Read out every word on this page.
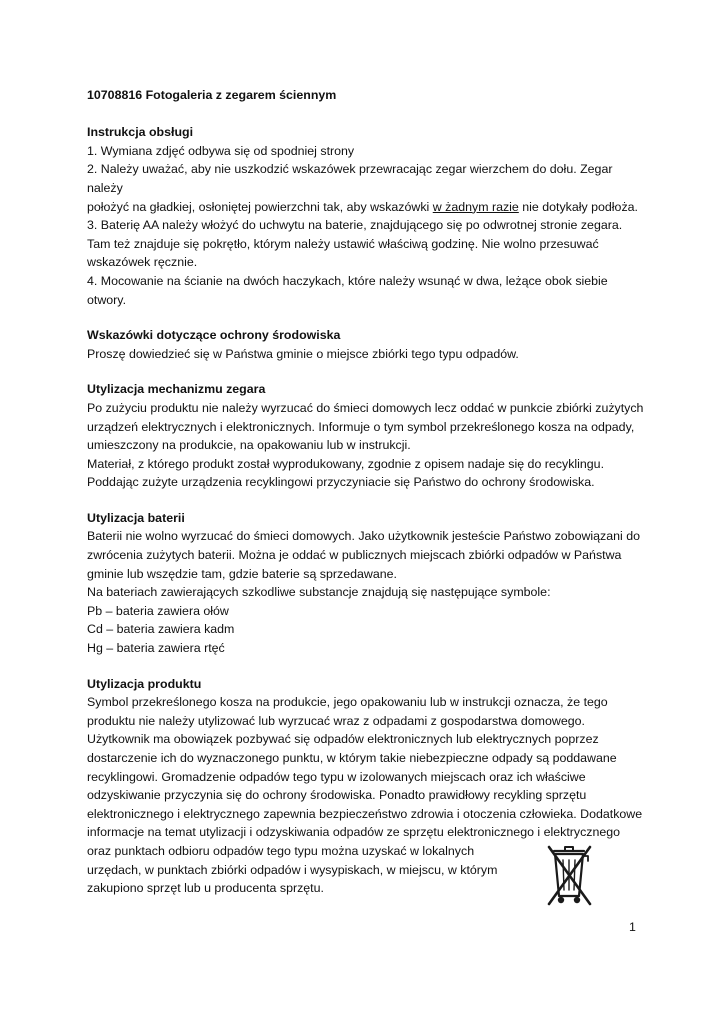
10708816 Fotogaleria z zegarem ściennym

Instrukcja obsługi

1. Wymiana zdjęć odbywa się od spodniej strony

2. Należy uważać, aby nie uszkodzić wskazówek przewracając zegar wierzchem do dołu. Zegar należy

położyć na gładkiej, osłoniętej powierzchni tak, aby wskazówki w żadnym razie nie dotykały podłoża.

3. Baterię AA należy włożyć do uchwytu na baterie, znajdującego się po odwrotnej stronie zegara.

Tam też znajduje się pokrętło, którym należy ustawić właściwą godzinę. Nie wolno przesuwać

wskazówek ręcznie.

4. Mocowanie na ścianie na dwóch haczykach, które należy wsunąć w dwa, leżące obok siebie

otwory.

Wskazówki dotyczące ochrony środowiska

Proszę dowiedzieć się w Państwa gminie o miejsce zbiórki tego typu odpadów.

Utylizacja mechanizmu zegara

Po zużyciu produktu nie należy wyrzucać do śmieci domowych lecz oddać w punkcie zbiórki zużytych

urządzeń elektrycznych i elektronicznych. Informuje o tym symbol przekreślonego kosza na odpady,

umieszczony na produkcie, na opakowaniu lub w instrukcji.

Materiał, z którego produkt został wyprodukowany, zgodnie z opisem nadaje się do recyklingu.

Poddając zużyte urządzenia recyklingowi przyczyniacie się Państwo do ochrony środowiska.

Utylizacja baterii

Baterii nie wolno wyrzucać do śmieci domowych. Jako użytkownik jesteście Państwo zobowiązani do

zwrócenia zużytych baterii. Można je oddać w publicznych miejscach zbiórki odpadów w Państwa

gminie lub wszędzie tam, gdzie baterie są sprzedawane.

Na bateriach zawierających szkodliwe substancje znajdują się następujące symbole:

Pb – bateria zawiera ołów

Cd – bateria zawiera kadm

Hg – bateria zawiera rtęć

Utylizacja produktu

Symbol przekreślonego kosza na produkcie, jego opakowaniu lub w instrukcji oznacza, że tego

produktu nie należy utylizować lub wyrzucać wraz z odpadami z gospodarstwa domowego.

Użytkownik ma obowiązek pozbywać się odpadów elektronicznych lub elektrycznych poprzez

dostarczenie ich do wyznaczonego punktu, w którym takie niebezpieczne odpady są poddawane

recyklingowi. Gromadzenie odpadów tego typu w izolowanych miejscach oraz ich właściwe

odzyskiwanie przyczynia się do ochrony środowiska. Ponadto prawidłowy recykling sprzętu

elektronicznego i elektrycznego zapewnia bezpieczeństwo zdrowia i otoczenia człowieka. Dodatkowe

informacje na temat utylizacji i odzyskiwania odpadów ze sprzętu elektronicznego i elektrycznego

oraz punktach odbioru odpadów tego typu można uzyskać w lokalnych

urzędach, w punktach zbiórki odpadów i wysypiskach, w miejscu, w którym

zakupiono sprzęt lub u producenta sprzętu.

1
